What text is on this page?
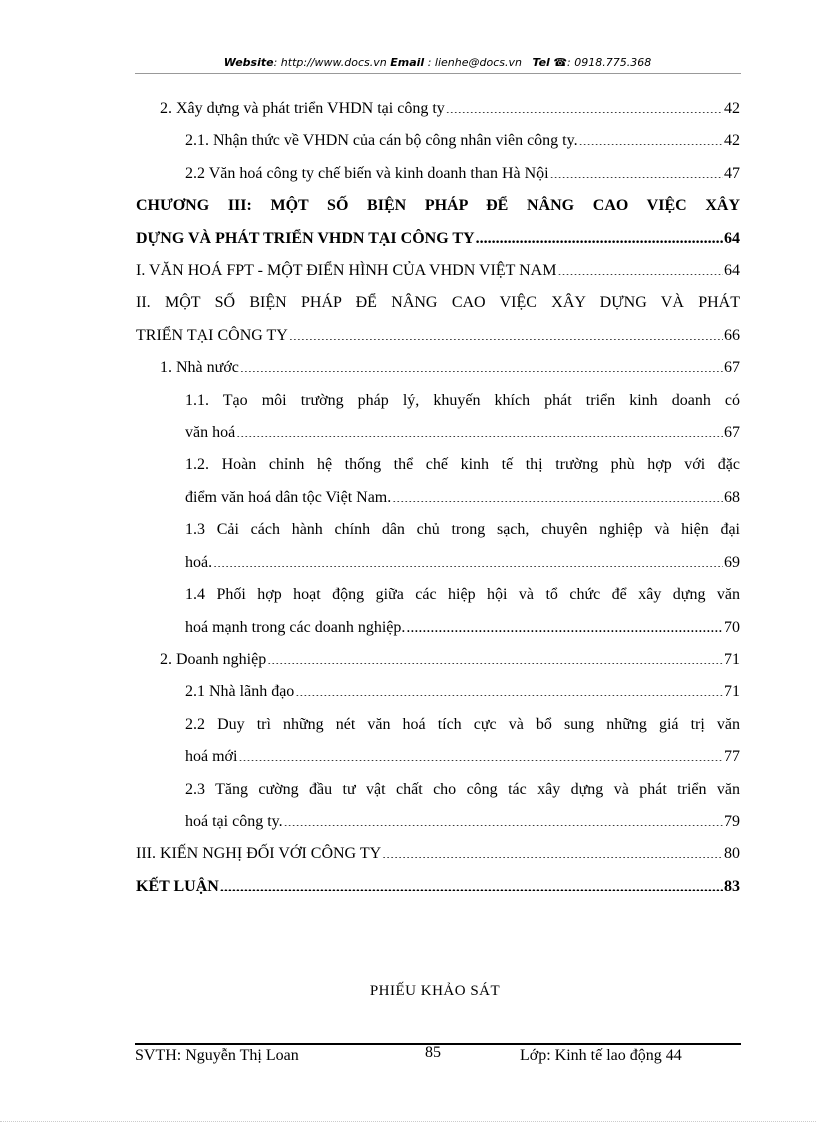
Website: http://www.docs.vn Email : lienhe@docs.vn Tel ☎: 0918.775.368
2. Xây dựng và phát triển VHDN tại công ty .....	42
2.1. Nhận thức về VHDN của cán bộ công nhân viên công ty. .....	42
2.2 Văn hoá công ty chế biến và kinh doanh than Hà Nội .....	47
CHƯƠNG III: MỘT SỐ BIỆN PHÁP ĐỂ NÂNG CAO VIỆC XÂY
DỰNG VÀ PHÁT TRIỂN VHDN TẠI CÔNG TY .....	64
I. VĂN HOÁ FPT - MỘT ĐIỂN HÌNH CỦA VHDN VIỆT NAM .....	64
II. MỘT SỐ BIỆN PHÁP ĐỂ NÂNG CAO VIỆC XÂY DỰNG VÀ PHÁT
TRIỂN TẠI CÔNG TY .....	66
1. Nhà nước .....	67
1.1. Tạo môi trường pháp lý, khuyến khích phát triển kinh doanh có
văn hoá .....	67
1.2. Hoàn chỉnh hệ thống thể chế kinh tế thị trường phù hợp với đặc
điểm văn hoá dân tộc Việt Nam. .....	68
1.3 Cải cách hành chính dân chủ trong sạch, chuyên nghiệp và hiện đại
hoá. .....	69
1.4 Phối hợp hoạt động giữa các hiệp hội và tổ chức để xây dựng văn
hoá mạnh trong các doanh nghiệp. .....	70
2. Doanh nghiệp .....	71
2.1 Nhà lãnh đạo .....	71
2.2 Duy trì những nét văn hoá tích cực và bổ sung những giá trị văn
hoá mới .....	77
2.3 Tăng cường đầu tư vật chất cho công tác xây dựng và phát triển văn
hoá tại công ty. .....	79
III. KIẾN NGHỊ ĐỐI VỚI CÔNG TY .....	80
KẾT LUẬN .....	83
PHIẾU KHẢO SÁT
SVTH: Nguyễn Thị Loan	85	Lớp: Kinh tế lao động 44
